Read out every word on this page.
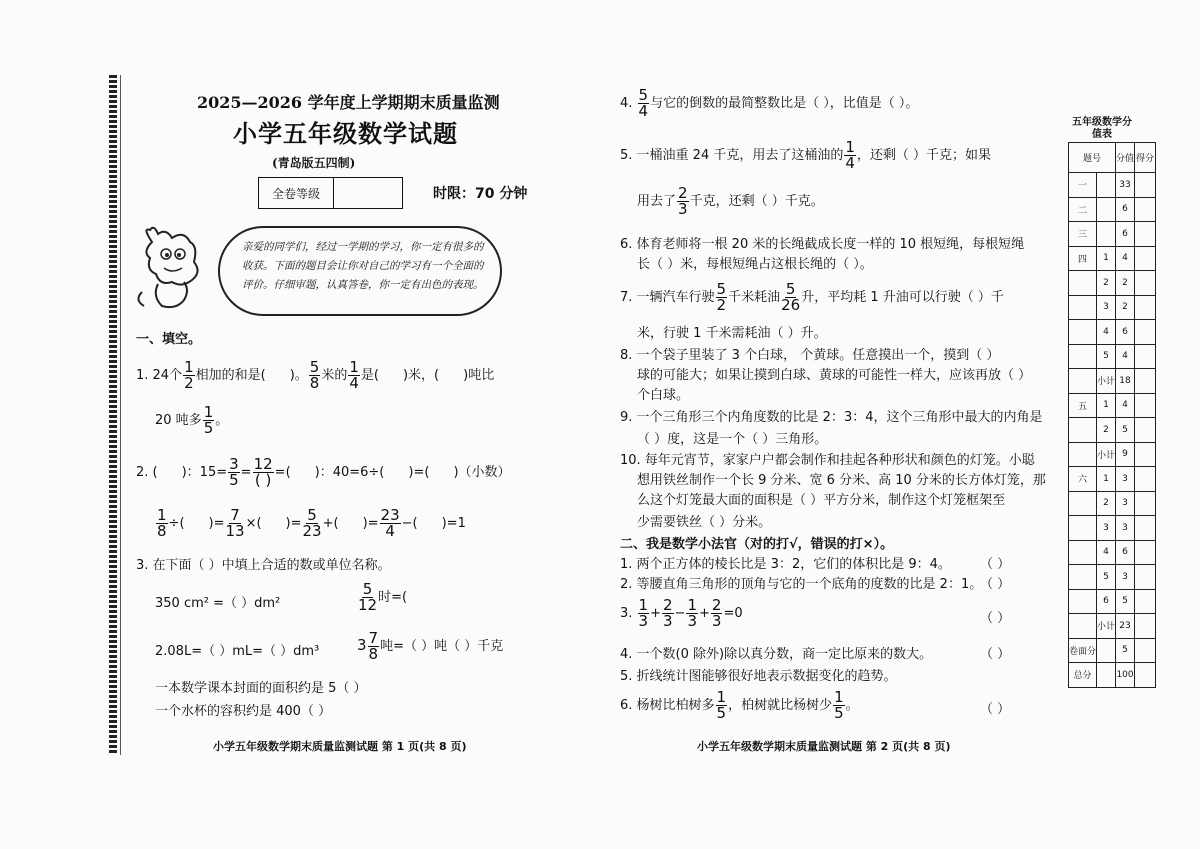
2025—2026 学年度上学期期末质量监测
小学五年级数学试题
(青岛版五四制)
全卷等级		时限：70 分钟
亲爱的同学们，经过一学期的学习，你一定有很多的收获。下面的题目会让你对自己的学习有一个全面的评价。仔细审题，认真答卷，你一定有出色的表现。
一、填空。
1. 24个 $\frac{1}{2}$ 相加的和是( )。 $\frac{5}{8}$ 米的 $\frac{1}{4}$ 是( )米，( )吨比
20 吨多 $\frac{1}{5}$ 。
2. ( )：$15= \frac{3}{5} = \frac{12}{( )}$ =( )：40=6÷( )=( )（小数）
$\frac{1}{8}$ ÷( )= $\frac{7}{13}$ ×( )= $\frac{5}{23}$ +( )= $\frac{23}{4}$ −( )=1
3. 在下面（ ）中填上合适的数或单位名称。
350 cm² =（ ）dm²	$\frac{5}{12}$ 时=(
2.08L=（ ）mL=（ ）dm³	$3 \frac{7}{8}$ 吨=（ ）吨（ ）千克
一本数学课本封面的面积约是 5（ ）
一个水杯的容积约是 400（ ）
小学五年级数学期末质量监测试题 第 1 页(共 8 页)
4. $\frac{5}{4}$ 与它的倒数的最简整数比是（ ），比值是（ ）。
5. 一桶油重 24 千克，用去了这桶油的 $\frac{1}{4}$ ，还剩（ ）千克；如果
用去了 $\frac{2}{3}$ 千克，还剩（ ）千克。
6. 体育老师将一根 20 米的长绳截成长度一样的 10 根短绳，每根短绳
长（ ）米，每根短绳占这根长绳的（ ）。
7. 一辆汽车行驶 $\frac{5}{2}$ 千米耗油 $\frac{5}{26}$ 升，平均耗 1 升油可以行驶（ ）千
米，行驶 1 千米需耗油（ ）升。
8. 一个袋子里装了 3 个白球， 个黄球。任意摸出一个，摸到（ ）
球的可能大；如果让摸到白球、黄球的可能性一样大，应该再放（ ）
个白球。
9. 一个三角形三个内角度数的比是 2：3：4，这个三角形中最大的内角是
（ ）度，这是一个（ ）三角形。
10. 每年元宵节，家家户户都会制作和挂起各种形状和颜色的灯笼。小聪
想用铁丝制作一个长 9 分米、宽 6 分米、高 10 分米的长方体灯笼，那
么这个灯笼最大面的面积是（ ）平方分米，制作这个灯笼框架至
少需要铁丝（ ）分米。
二、我是数学小法官（对的打√，错误的打×）。
1. 两个正方体的棱长比是 3：2，它们的体积比是 9：4。 （ ）
2. 等腰直角三角形的顶角与它的一个底角的度数的比是 2：1。
（ ）
3. $\frac{1}{3} + \frac{2}{3} - \frac{1}{3} + \frac{2}{3} =0$	（ ）
4. 一个数(0 除外)除以真分数，商一定比原来的数大。	（ ）
5. 折线统计图能够很好地表示数据变化的趋势。
6. 杨树比柏树多 $\frac{1}{5}$ ，柏树就比杨树少 $\frac{1}{5}$ 。	（ ）
小学五年级数学期末质量监测试题 第 2 页(共 8 页)
五年级数学分值表
题号		分值	得分
一		33	
二		6	
三		6	
四	1	4	
	2	2	
	3	2	
	4	6	
	5	4	
	小计	18	
五	1	4	
	2	5	
	小计	9	
六	1	3	
	2	3	
	3	3	
	4	6	
	5	3	
	6	5	
	小计	23	
卷面分		5	
总分		100	
